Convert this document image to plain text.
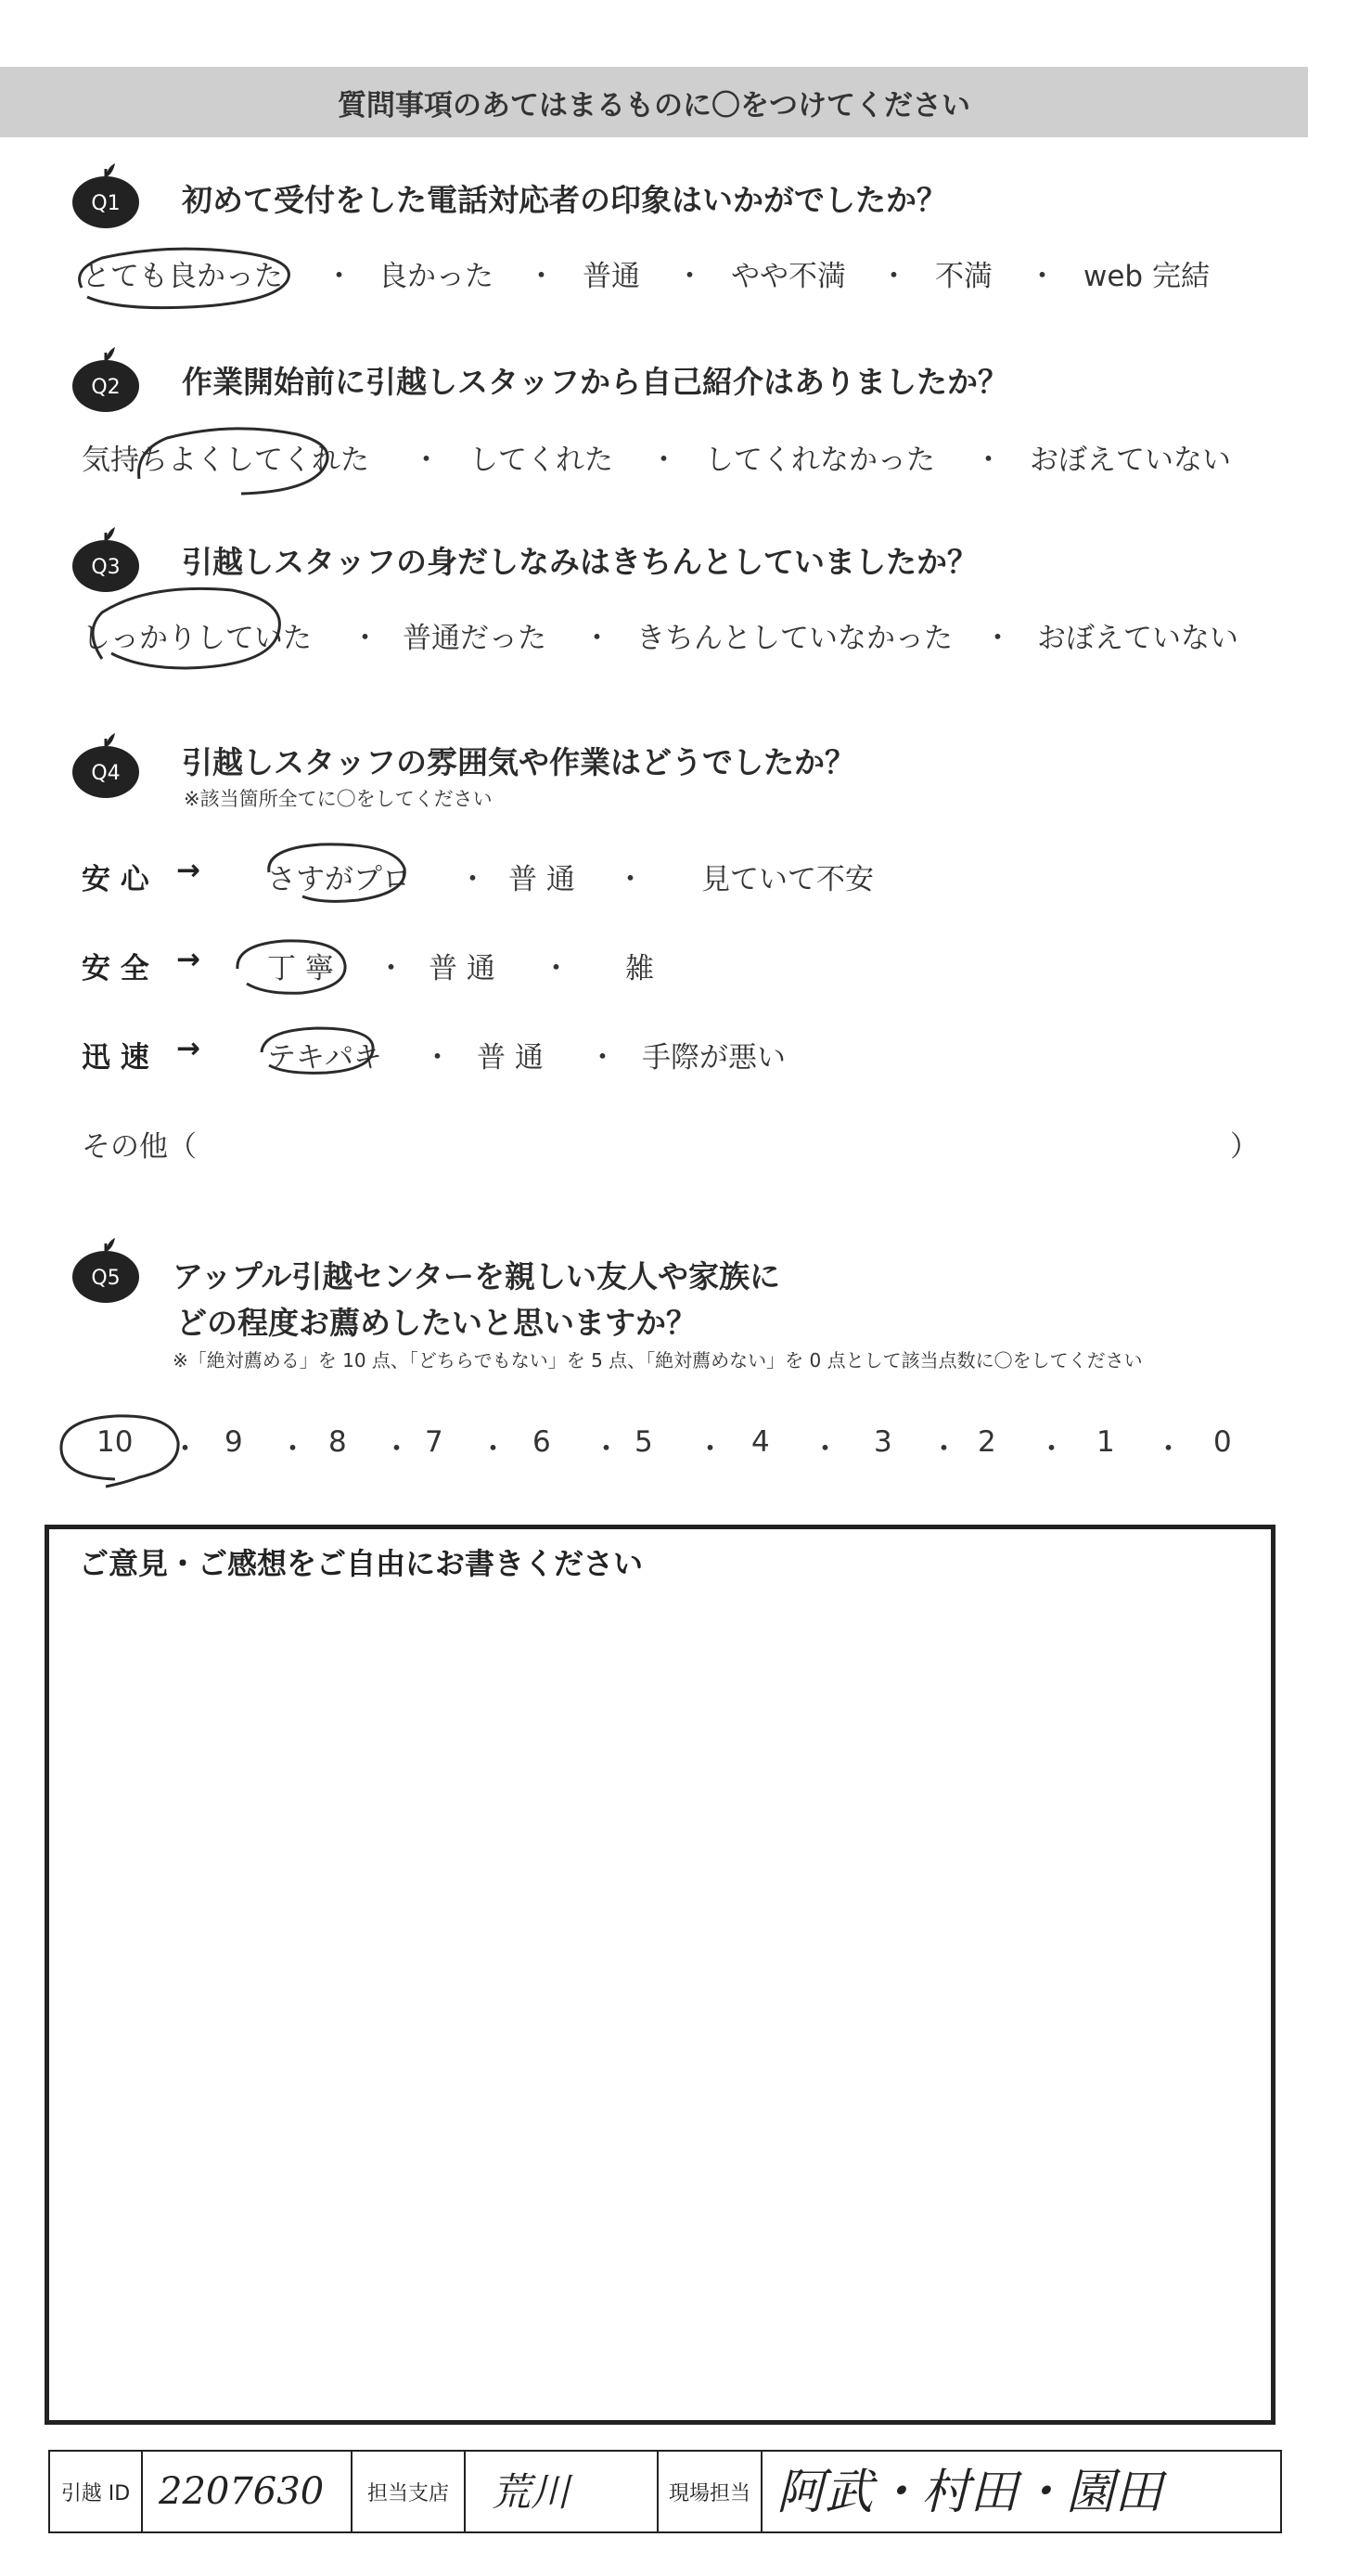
質問事項のあてはまるものに〇をつけてください
Q1 初めて受付をした電話対応者の印象はいかがでしたか？
とても良かった ・ 良かった ・ 普通 ・ やや不満 ・ 不満 ・ web 完結
Q2 作業開始前に引越しスタッフから自己紹介はありましたか？
気持ちよくしてくれた ・ してくれた ・ してくれなかった ・ おぼえていない
Q3 引越しスタッフの身だしなみはきちんとしていましたか？
しっかりしていた ・ 普通だった ・ きちんとしていなかった ・ おぼえていない
Q4 引越しスタッフの雰囲気や作業はどうでしたか？
※該当箇所全てに〇をしてください
安 心 → さすがプロ ・ 普 通 ・ 見ていて不安
安 全 → 丁 寧 ・ 普 通 ・ 雑
迅 速 → テキパキ ・ 普 通 ・ 手際が悪い
その他（	）
Q5 アップル引越センターを親しい友人や家族に
どの程度お薦めしたいと思いますか？
※「絶対薦める」を 10 点、「どちらでもない」を 5 点、「絶対薦めない」を 0 点として該当点数に〇をしてください
10 ・ 9 ・ 8 ・ 7 ・ 6 ・ 5 ・ 4 ・ 3 ・ 2 ・ 1 ・ 0
ご意見・ご感想をご自由にお書きください
引越 ID 2207630	担当支店	荒川	現場担当 阿武・村田・園田
